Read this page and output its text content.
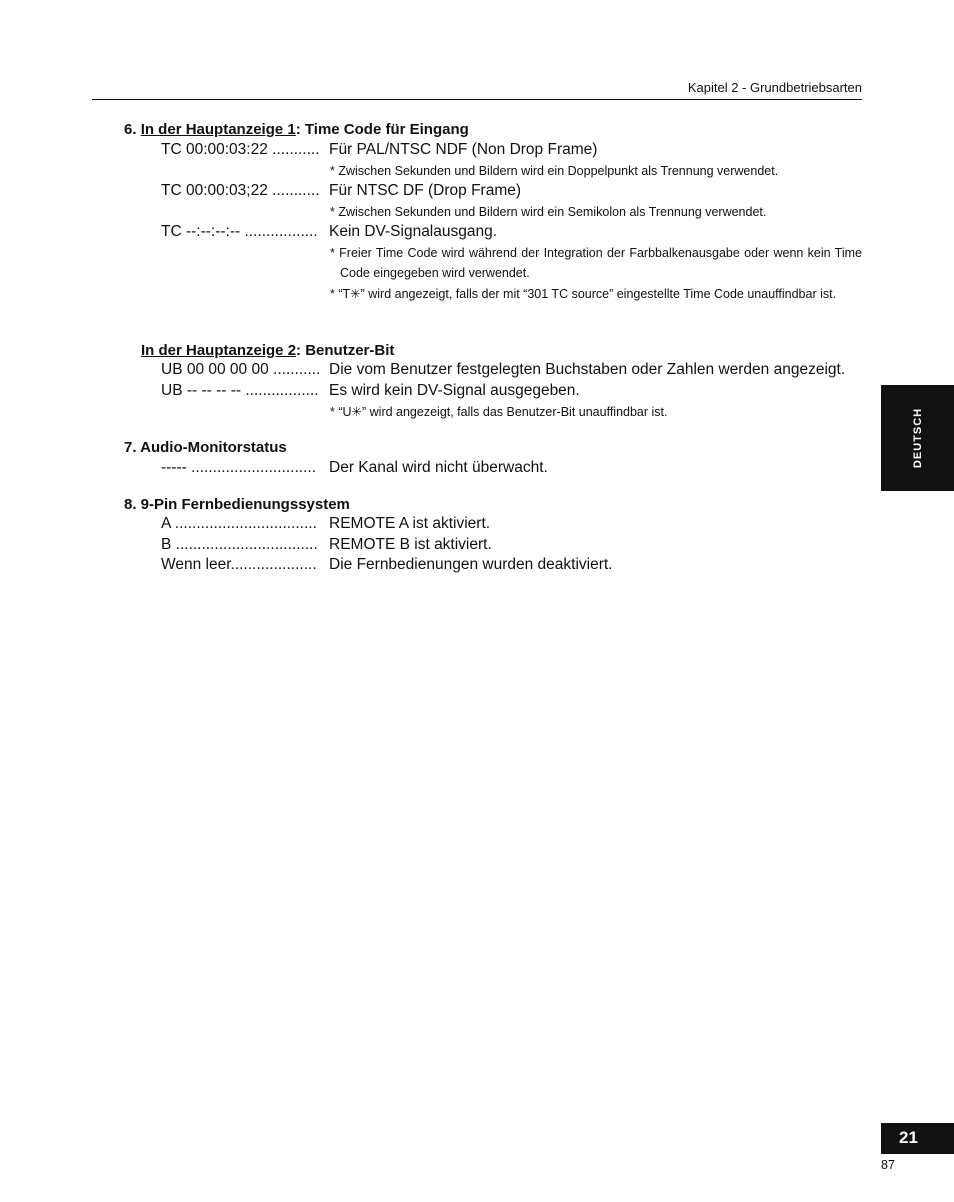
Kapitel 2 - Grundbetriebsarten
6. In der Hauptanzeige 1: Time Code für Eingang
TC 00:00:03:22 ........... Für PAL/NTSC NDF (Non Drop Frame)
* Zwischen Sekunden und Bildern wird ein Doppelpunkt als Trennung verwendet.
TC 00:00:03;22 ........... Für NTSC DF (Drop Frame)
* Zwischen Sekunden und Bildern wird ein Semikolon als Trennung verwendet.
TC --:--:--:-- ................. Kein DV-Signalausgang.
* Freier Time Code wird während der Integration der Farbbalkenausgabe oder wenn kein Time Code eingegeben wird verwendet.
* “T✳” wird angezeigt, falls der mit “301 TC source” eingestellte Time Code unauffindbar ist.
In der Hauptanzeige 2: Benutzer-Bit
UB 00 00 00 00 ........... Die vom Benutzer festgelegten Buchstaben oder Zahlen werden angezeigt.
UB -- -- -- -- ................. Es wird kein DV-Signal ausgegeben.
* “U✳” wird angezeigt, falls das Benutzer-Bit unauffindbar ist.
7. Audio-Monitorstatus
----- ............................. Der Kanal wird nicht überwacht.
8. 9-Pin Fernbedienungssystem
A ................................. REMOTE A ist aktiviert.
B ................................. REMOTE B ist aktiviert.
Wenn leer.................... Die Fernbedienungen wurden deaktiviert.
DEUTSCH
21
87
